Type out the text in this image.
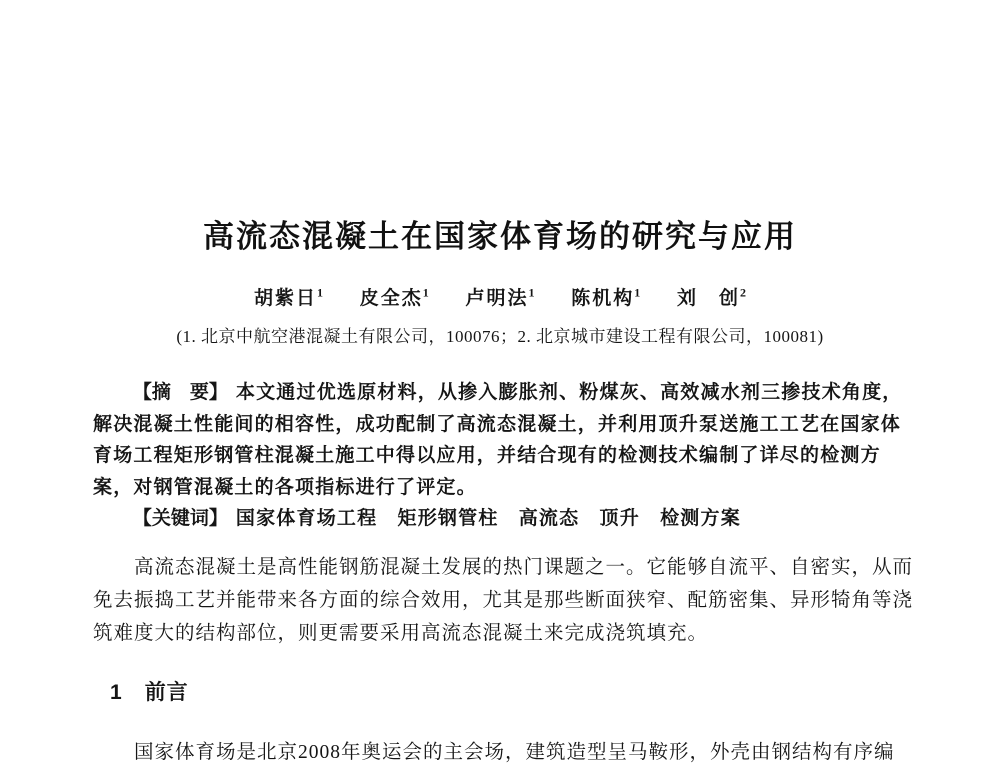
高流态混凝土在国家体育场的研究与应用
胡紫日$^1$ 皮全杰$^1$ 卢明法$^1$ 陈机构$^1$ 刘　创$^2$
(1. 北京中航空港混凝土有限公司，100076；2. 北京城市建设工程有限公司，100081)
【摘　要】 本文通过优选原材料，从掺入膨胀剂、粉煤灰、高效减水剂三掺技术角度，
解决混凝土性能间的相容性，成功配制了高流态混凝土，并利用顶升泵送施工工艺在国家体
育场工程矩形钢管柱混凝土施工中得以应用，并结合现有的检测技术编制了详尽的检测方
案，对钢管混凝土的各项指标进行了评定。
【关键词】 国家体育场工程　矩形钢管柱　高流态　顶升　检测方案
高流态混凝土是高性能钢筋混凝土发展的热门课题之一。它能够自流平、自密实，从而
免去振捣工艺并能带来各方面的综合效用，尤其是那些断面狭窄、配筋密集、异形犄角等浇
筑难度大的结构部位，则更需要采用高流态混凝土来完成浇筑填充。
1 前言
国家体育场是北京2008年奥运会的主会场，建筑造型呈马鞍形，外壳由钢结构有序编
